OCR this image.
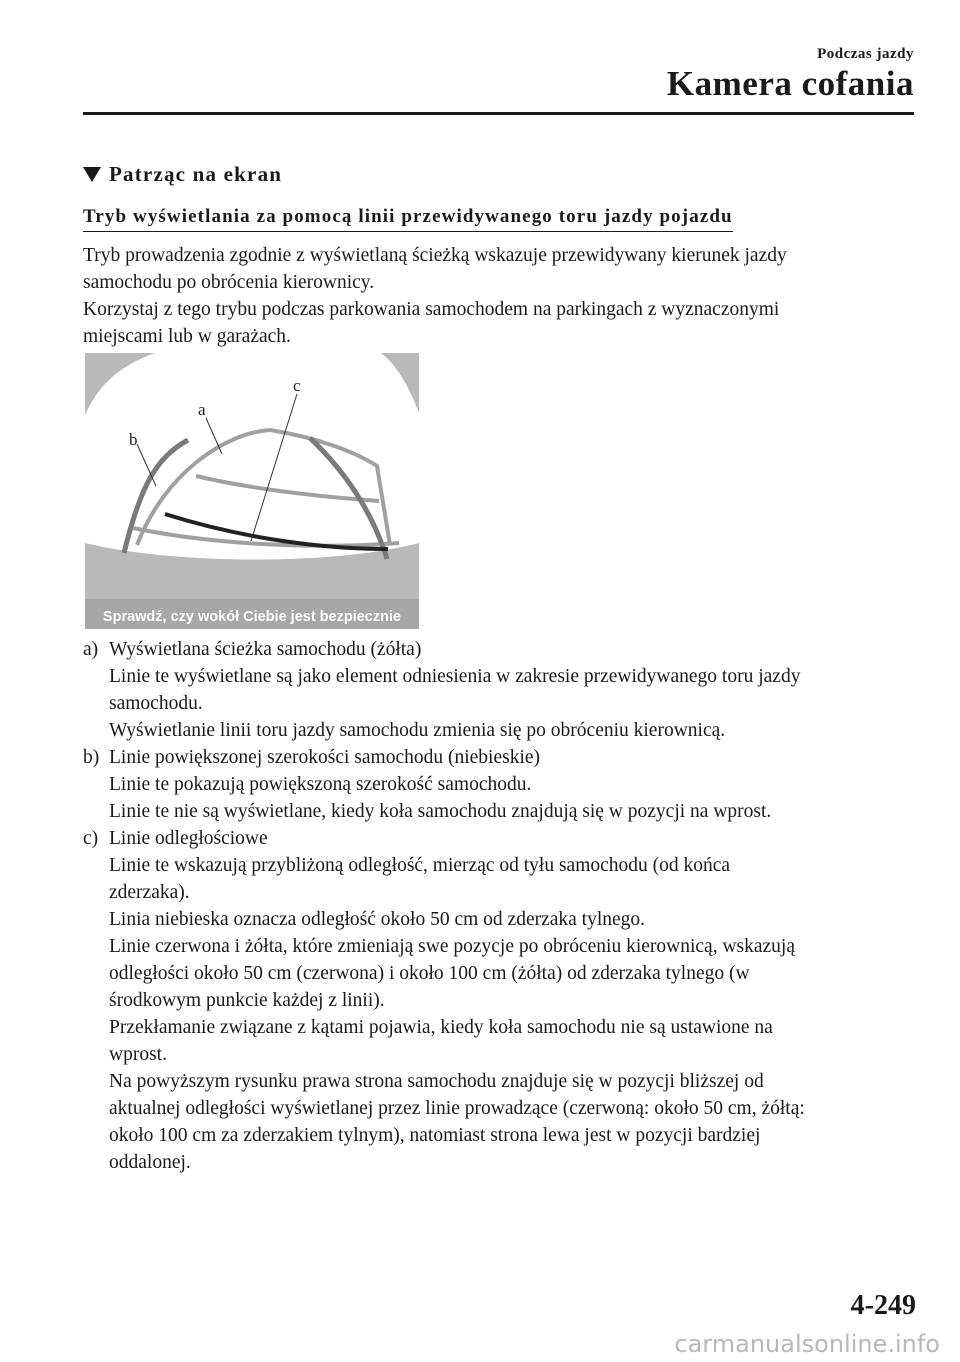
Podczas jazdy
Kamera cofania
Patrząc na ekran
Tryb wyświetlania za pomocą linii przewidywanego toru jazdy pojazdu

Tryb prowadzenia zgodnie z wyświetlaną ścieżką wskazuje przewidywany kierunek jazdy

samochodu po obrócenia kierownicy.

Korzystaj z tego trybu podczas parkowania samochodem na parkingach z wyznaczonymi

miejscami lub w garażach.

b
a
c
Sprawdź, czy wokół Ciebie jest bezpiecznie
a) Wyświetlana ścieżka samochodu (żółta)

Linie te wyświetlane są jako element odniesienia w zakresie przewidywanego toru jazdy

samochodu.

Wyświetlanie linii toru jazdy samochodu zmienia się po obróceniu kierownicą.

b) Linie powiększonej szerokości samochodu (niebieskie)

Linie te pokazują powiększoną szerokość samochodu.

Linie te nie są wyświetlane, kiedy koła samochodu znajdują się w pozycji na wprost.

c) Linie odległościowe

Linie te wskazują przybliżoną odległość, mierząc od tyłu samochodu (od końca

zderzaka).

Linia niebieska oznacza odległość około 50 cm od zderzaka tylnego.

Linie czerwona i żółta, które zmieniają swe pozycje po obróceniu kierownicą, wskazują

odległości około 50 cm (czerwona) i około 100 cm (żółta) od zderzaka tylnego (w

środkowym punkcie każdej z linii).

Przekłamanie związane z kątami pojawia, kiedy koła samochodu nie są ustawione na

wprost.

Na powyższym rysunku prawa strona samochodu znajduje się w pozycji bliższej od

aktualnej odległości wyświetlanej przez linie prowadzące (czerwoną: około 50 cm, żółtą:

około 100 cm za zderzakiem tylnym), natomiast strona lewa jest w pozycji bardziej

oddalonej.

4-249
carmanualsonline.info
